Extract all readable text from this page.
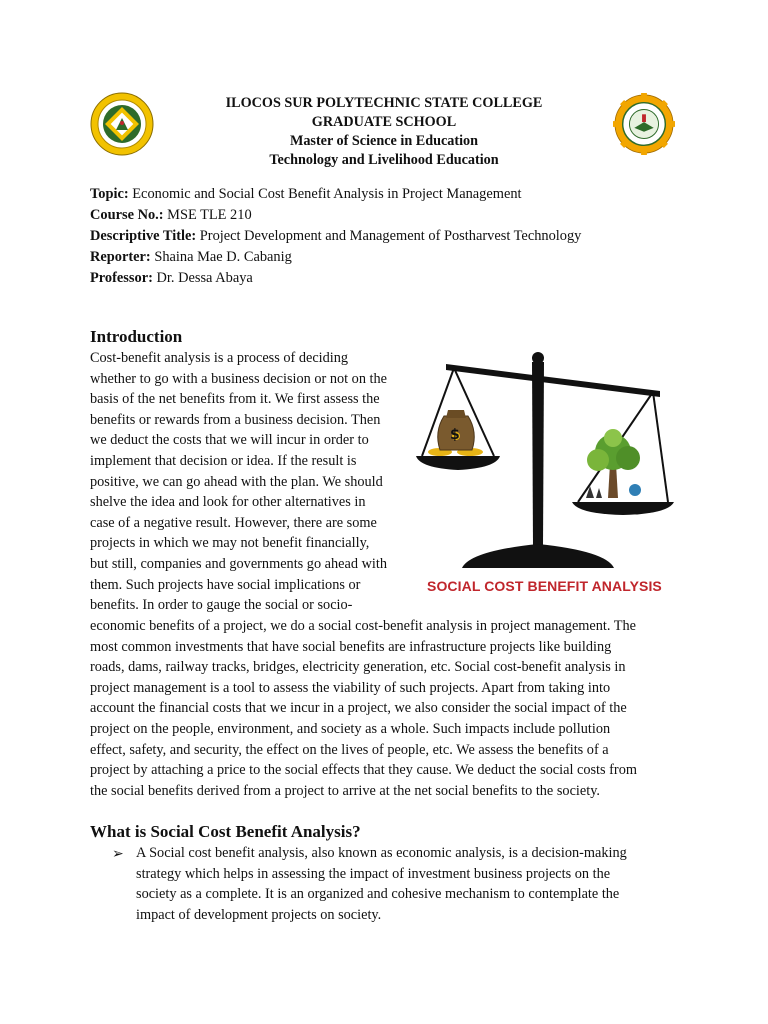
ILOCOS SUR POLYTECHNIC STATE COLLEGE
GRADUATE SCHOOL
Master of Science in Education
Technology and Livelihood Education
Topic: Economic and Social Cost Benefit Analysis in Project Management
Course No.: MSE TLE 210
Descriptive Title: Project Development and Management of Postharvest Technology
Reporter: Shaina Mae D. Cabanig
Professor: Dr. Dessa Abaya
Introduction
Cost-benefit analysis is a process of deciding
whether to go with a business decision or not on the
basis of the net benefits from it. We first assess the
benefits or rewards from a business decision. Then
we deduct the costs that we will incur in order to
implement that decision or idea. If the result is
positive, we can go ahead with the plan. We should
shelve the idea and look for other alternatives in
case of a negative result. However, there are some
projects in which we may not benefit financially,
but still, companies and governments go ahead with
them. Such projects have social implications or
benefits. In order to gauge the social or socio-
economic benefits of a project, we do a social cost-benefit analysis in project management. The
most common investments that have social benefits are infrastructure projects like building
roads, dams, railway tracks, bridges, electricity generation, etc. Social cost-benefit analysis in
project management is a tool to assess the viability of such projects. Apart from taking into
account the financial costs that we incur in a project, we also consider the social impact of the
project on the people, environment, and society as a whole. Such impacts include pollution
effect, safety, and security, the effect on the lives of people, etc. We assess the benefits of a
project by attaching a price to the social effects that they cause. We deduct the social costs from
the social benefits derived from a project to arrive at the net social benefits to the society.
$
SOCIAL COST BENEFIT ANALYSIS
What is Social Cost Benefit Analysis?
➢ A Social cost benefit analysis, also known as economic analysis, is a decision-making
strategy which helps in assessing the impact of investment business projects on the
society as a complete. It is an organized and cohesive mechanism to contemplate the
impact of development projects on society.
